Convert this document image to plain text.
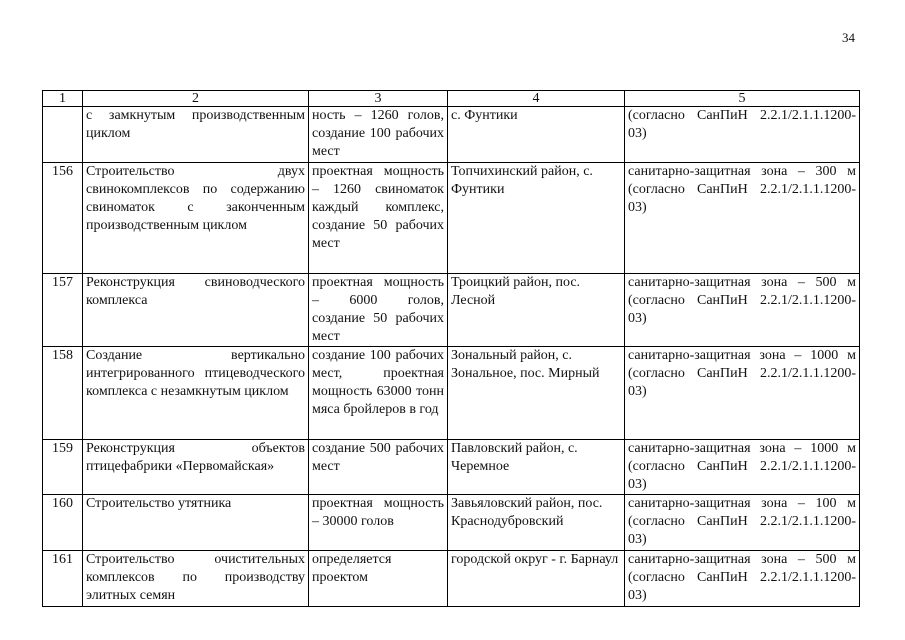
34
1	2	3	4	5
	с замкнутым производственным циклом	ность – 1260 голов, создание 100 рабочих мест	с. Фунтики	(согласно СанПиН 2.2.1/2.1.1.1200-03)
156	Строительство двух свинокомплексов по содержанию свиноматок с законченным производственным циклом	проектная мощность – 1260 свиноматок каждый комплекс, создание 50 рабочих мест	Топчихинский район, с. Фунтики	санитарно-защитная зона – 300 м (согласно СанПиН 2.2.1/2.1.1.1200-03)
157	Реконструкция свиноводческого комплекса	проектная мощность – 6000 голов, создание 50 рабочих мест	Троицкий район, пос. Лесной	санитарно-защитная зона – 500 м (согласно СанПиН 2.2.1/2.1.1.1200-03)
158	Создание вертикально интегрированного птицеводческого комплекса с незамкнутым циклом	создание 100 рабочих мест, проектная мощность 63000 тонн мяса бройлеров в год	Зональный район, с. Зональное, пос. Мирный	санитарно-защитная зона – 1000 м (согласно СанПиН 2.2.1/2.1.1.1200-03)
159	Реконструкция объектов птицефабрики «Первомайская»	создание 500 рабочих мест	Павловский район, с. Черемное	санитарно-защитная зона – 1000 м (согласно СанПиН 2.2.1/2.1.1.1200-03)
160	Строительство утятника	проектная мощность – 30000 голов	Завьяловский район, пос. Краснодубровский	санитарно-защитная зона – 100 м (согласно СанПиН 2.2.1/2.1.1.1200-03)
161	Строительство очистительных комплексов по производству элитных семян	определяется проектом	городской округ - г. Барнаул	санитарно-защитная зона – 500 м (согласно СанПиН 2.2.1/2.1.1.1200-03)
